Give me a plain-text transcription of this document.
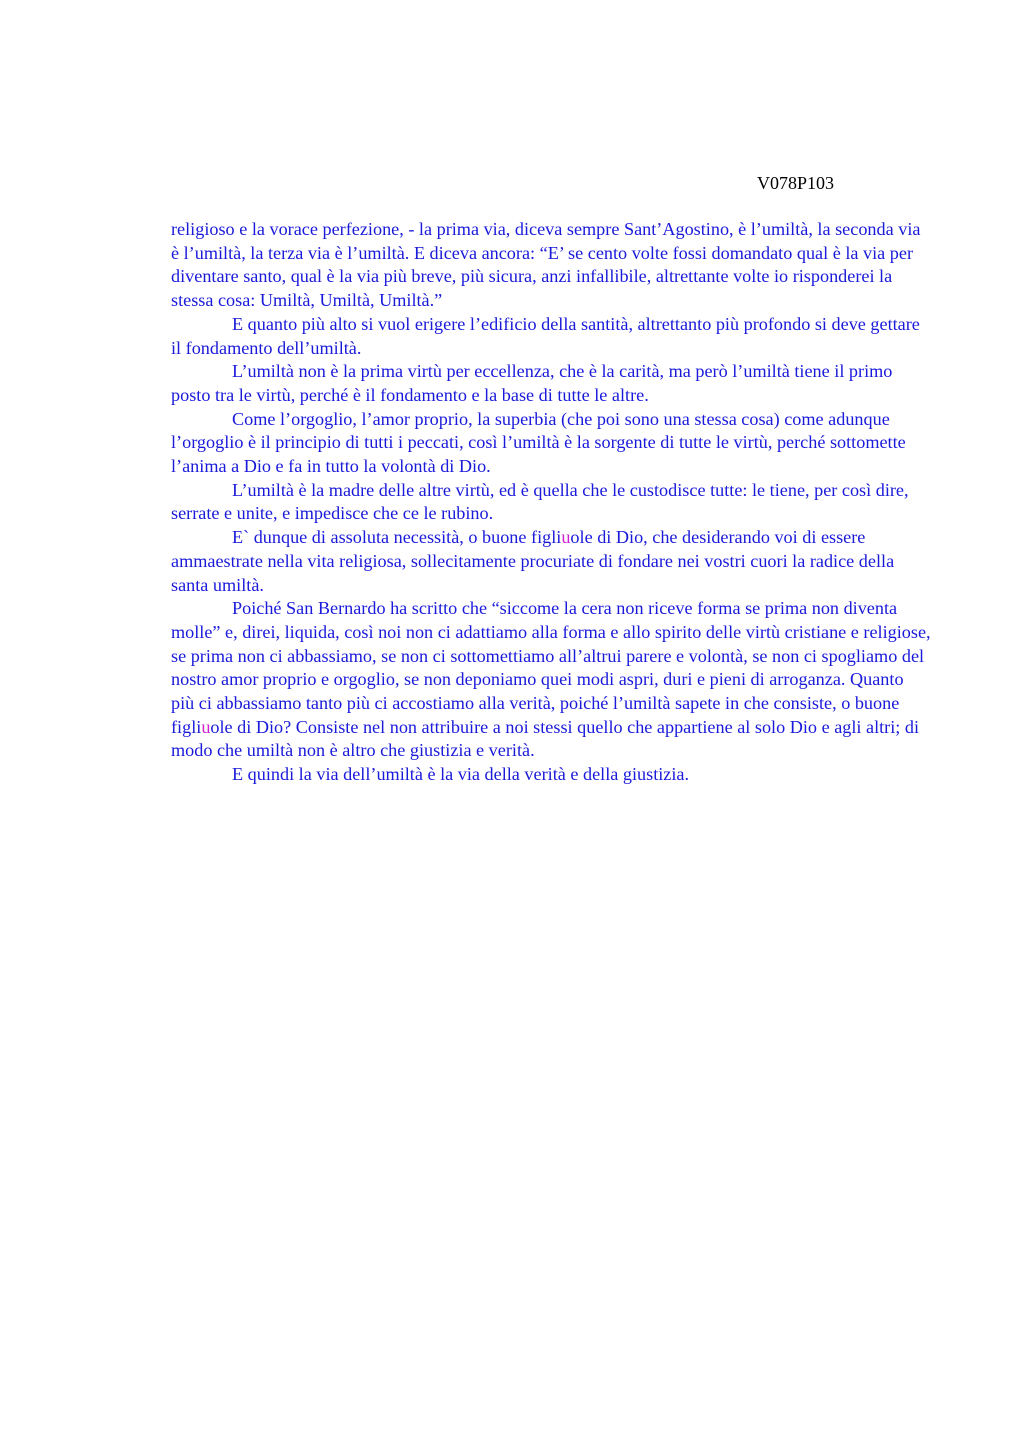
V078P103

religioso e la vorace perfezione, - la prima via, diceva sempre Sant’Agostino, è l’umiltà, la seconda via è l’umiltà, la terza via è l’umiltà. E diceva ancora: “E’ se cento volte fossi domandato qual è la via per diventare santo, qual è la via più breve, più sicura, anzi infallibile, altrettante volte io risponderei la stessa cosa: Umiltà, Umiltà, Umiltà.”

E quanto più alto si vuol erigere l’edificio della santità, altrettanto più profondo si deve gettare il fondamento dell’umiltà.

L’umiltà non è la prima virtù per eccellenza, che è la carità, ma però l’umiltà tiene il primo posto tra le virtù, perché è il fondamento e la base di tutte le altre.

Come l’orgoglio, l’amor proprio, la superbia (che poi sono una stessa cosa) come adunque l’orgoglio è il principio di tutti i peccati, così l’umiltà è la sorgente di tutte le virtù, perché sottomette l’anima a Dio e fa in tutto la volontà di Dio.

L’umiltà è la madre delle altre virtù, ed è quella che le custodisce tutte: le tiene, per così dire, serrate e unite, e impedisce che ce le rubino.

E` dunque di assoluta necessità, o buone figliuole di Dio, che desiderando voi di essere ammaestrate nella vita religiosa, sollecitamente procuriate di fondare nei vostri cuori la radice della santa umiltà.

Poiché San Bernardo ha scritto che “siccome la cera non riceve forma se prima non diventa molle” e, direi, liquida, così noi non ci adattiamo alla forma e allo spirito delle virtù cristiane e religiose, se prima non ci abbassiamo, se non ci sottomettiamo all’altrui parere e volontà, se non ci spogliamo del nostro amor proprio e orgoglio, se non deponiamo quei modi aspri, duri e pieni di arroganza. Quanto più ci abbassiamo tanto più ci accostiamo alla verità, poiché l’umiltà sapete in che consiste, o buone figliuole di Dio? Consiste nel non attribuire a noi stessi quello che appartiene al solo Dio e agli altri; di modo che umiltà non è altro che giustizia e verità.

E quindi la via dell’umiltà è la via della verità e della giustizia.
